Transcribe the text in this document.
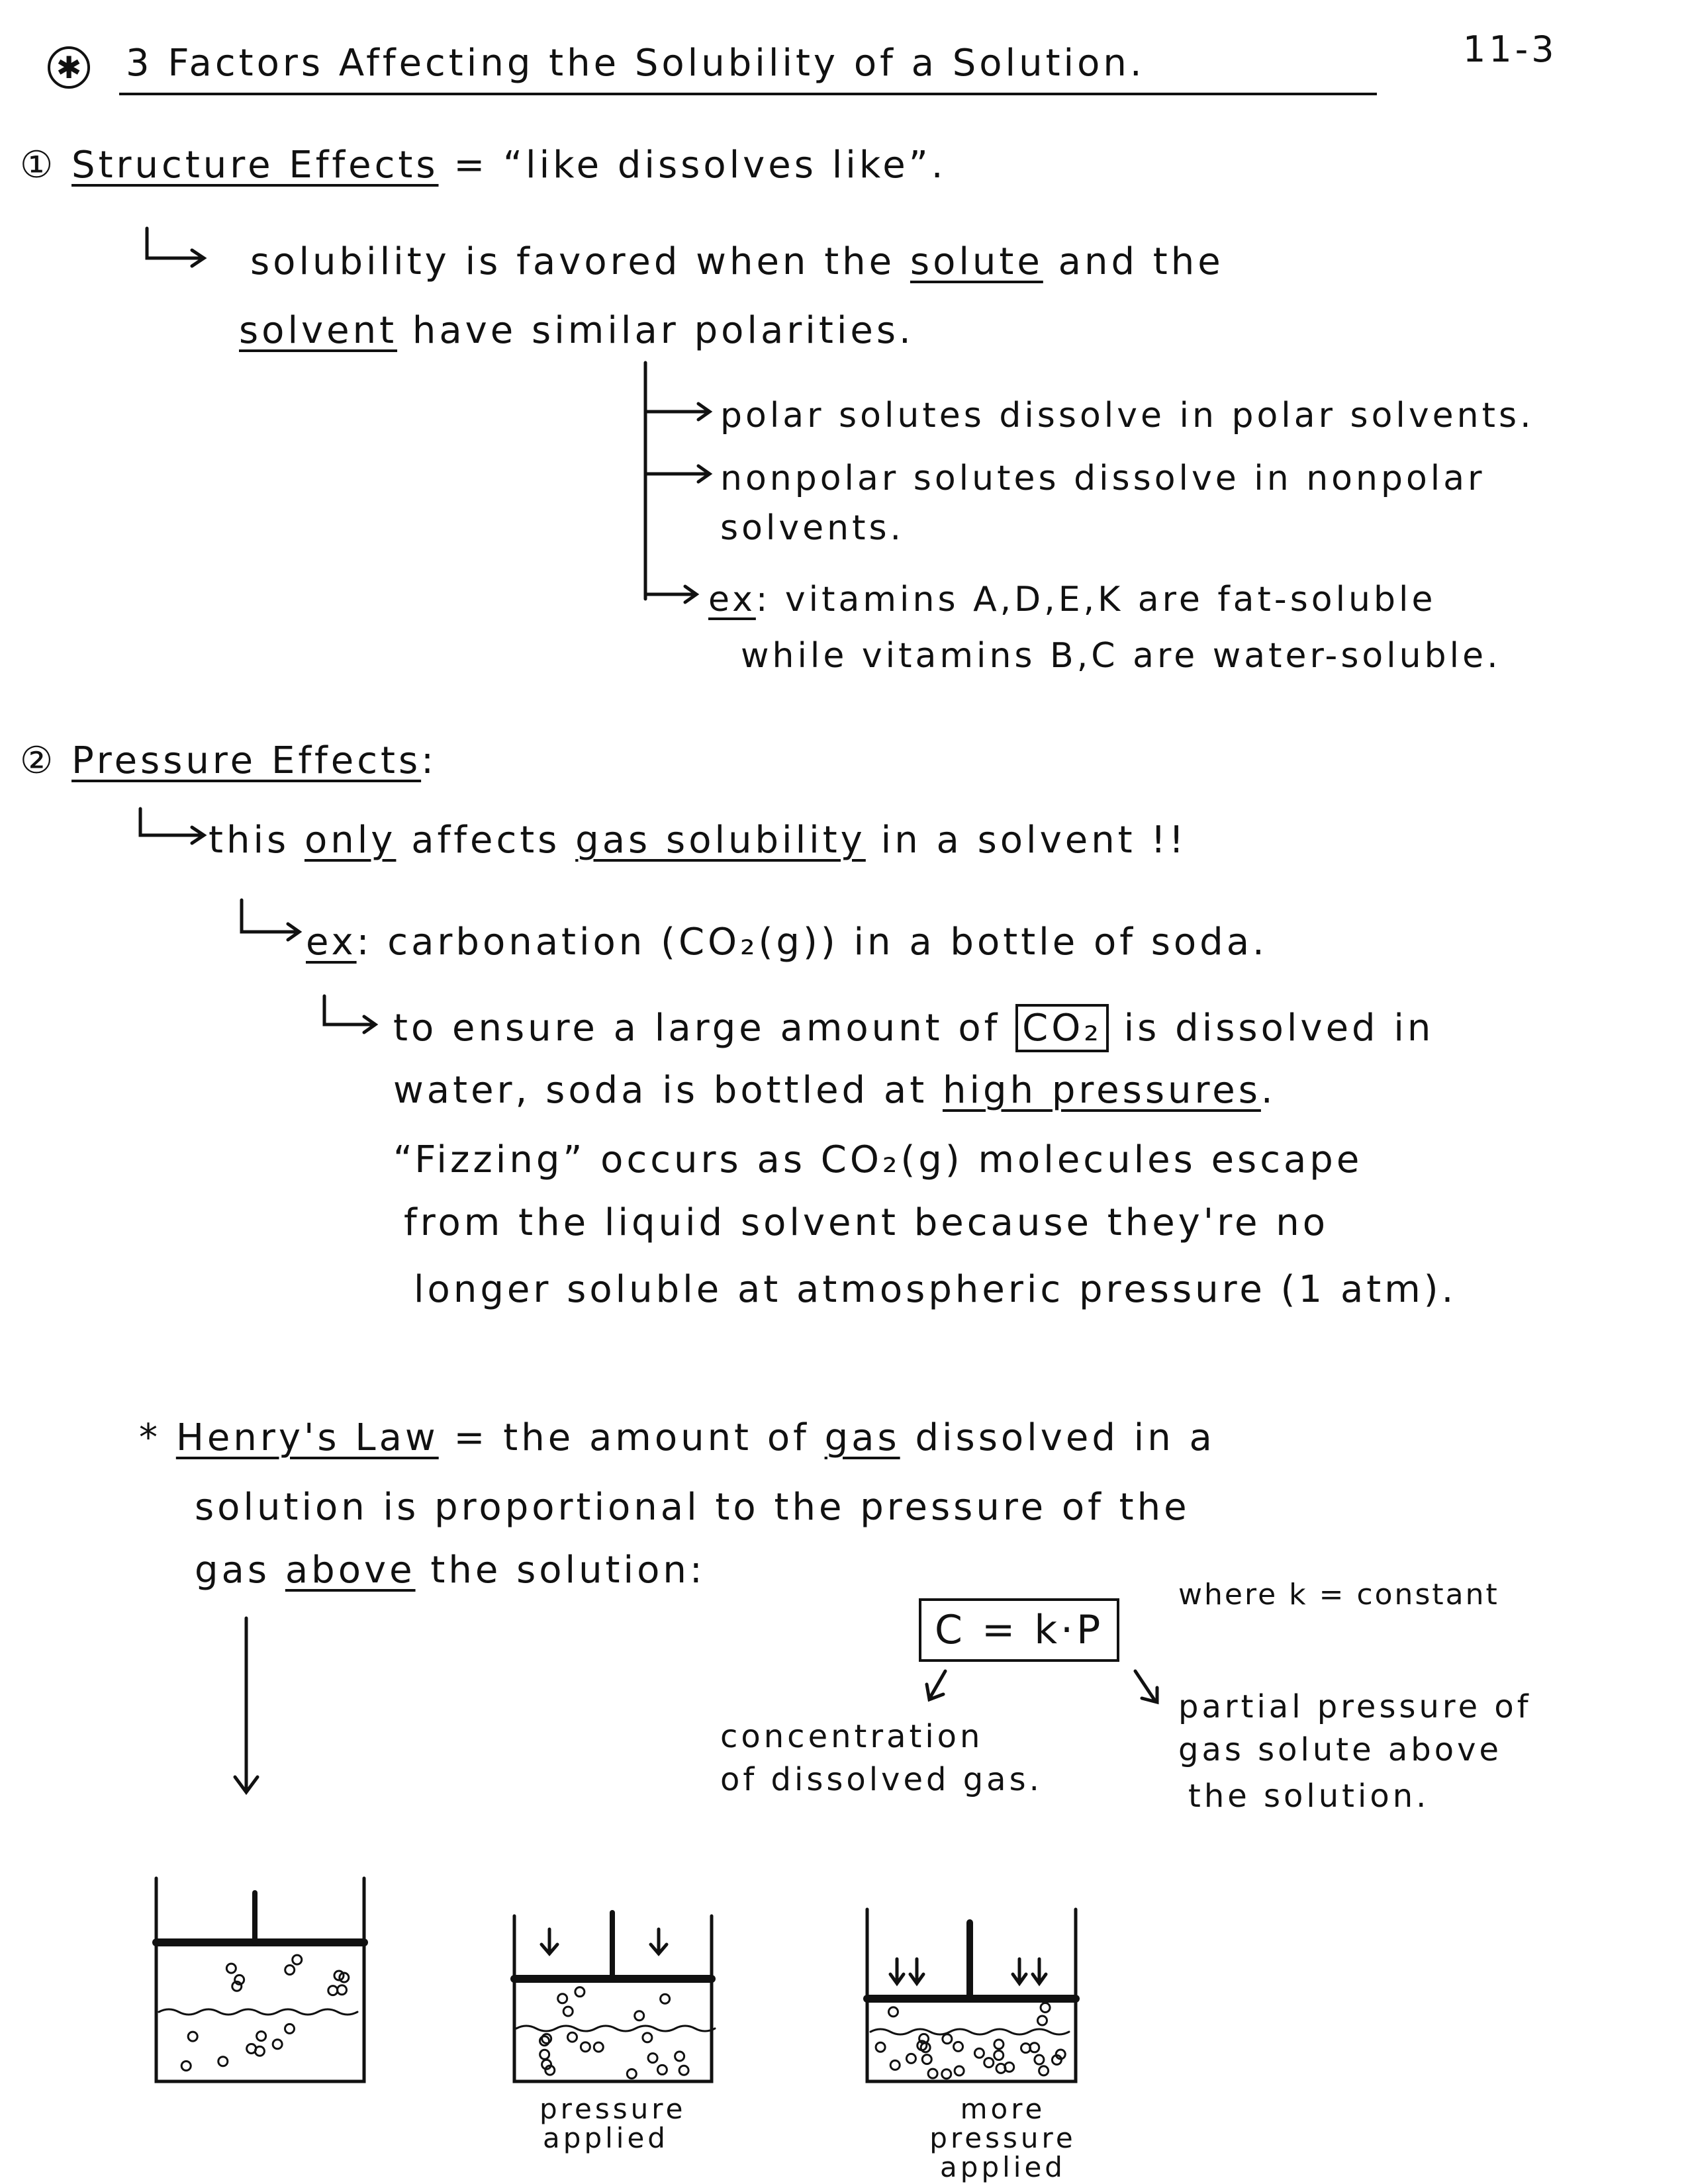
✱	11-3
3 Factors Affecting the Solubility of a Solution.
① Structure Effects = “like dissolves like”.
solubility is favored when the solute and the
solvent have similar polarities.
polar solutes dissolve in polar solvents.
nonpolar solutes dissolve in nonpolar
solvents.
ex: vitamins A,D,E,K are fat-soluble
while vitamins B,C are water-soluble.
② Pressure Effects:
this only affects gas solubility in a solvent !!
ex: carbonation (CO₂(g)) in a bottle of soda.
to ensure a large amount of CO₂ is dissolved in
water, soda is bottled at high pressures.
“Fizzing” occurs as CO₂(g) molecules escape
from the liquid solvent because they're no
longer soluble at atmospheric pressure (1 atm).
* Henry's Law = the amount of gas dissolved in a
solution is proportional to the pressure of the
gas above the solution:
C = k·P
where k = constant
concentration
of dissolved gas.
partial pressure of
gas solute above
the solution.
pressure applied
more pressure applied
